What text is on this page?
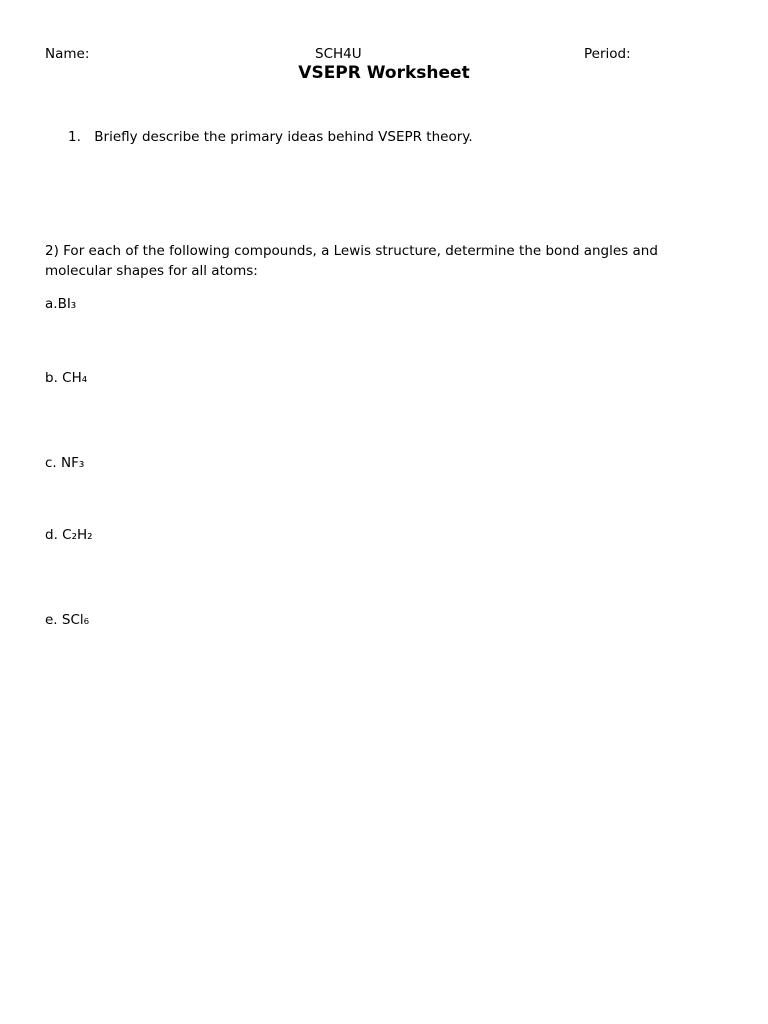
Name:	SCH4U	Period:
VSEPR Worksheet
1. Briefly describe the primary ideas behind VSEPR theory.
2) For each of the following compounds, a Lewis structure, determine the bond angles and molecular shapes for all atoms:
a.BI₃
b. CH₄
c. NF₃
d. C₂H₂
e. SCl₆
